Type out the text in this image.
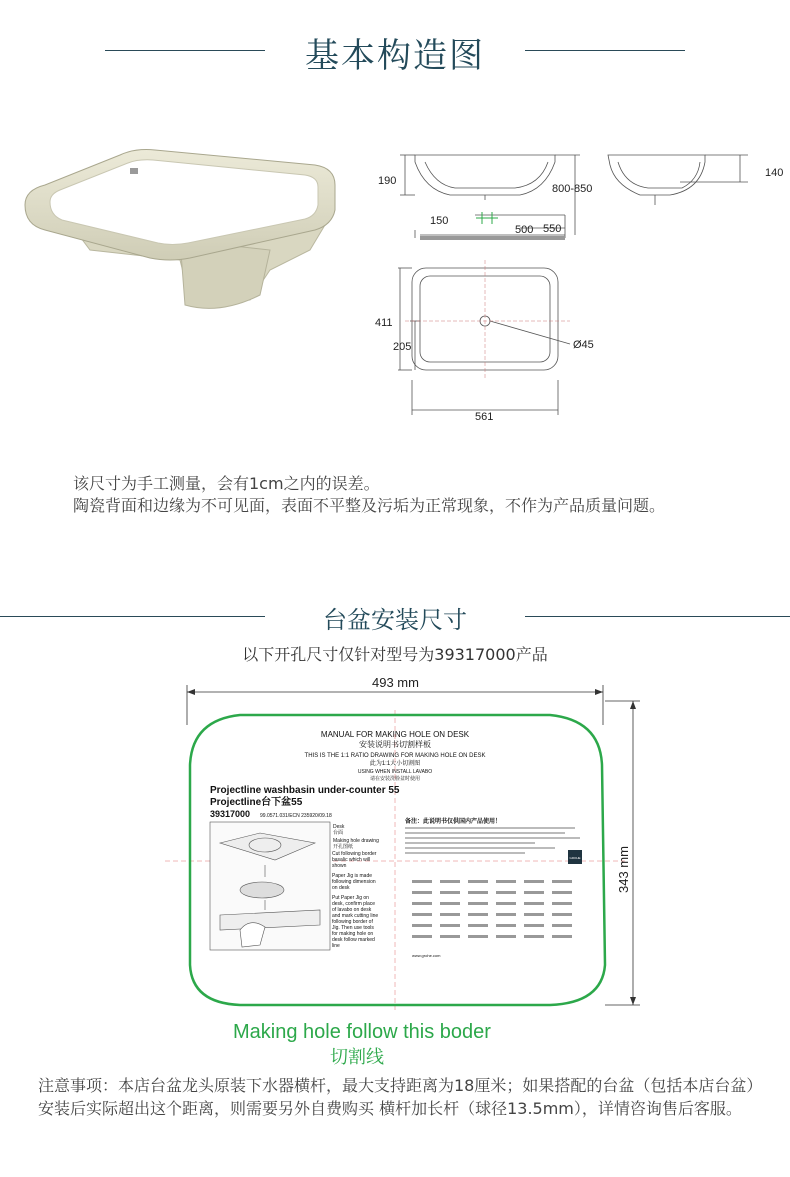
基本构造图
190
800-850
140
150
500 550
411
205	Ø45
561
该尺寸为手工测量，会有1cm之内的误差。
陶瓷背面和边缘为不可见面，表面不平整及污垢为正常现象，不作为产品质量问题。
台盆安装尺寸
以下开孔尺寸仅针对型号为39317000产品
493 mm
343 mm
MANUAL FOR MAKING HOLE ON DESK
安装说明书切割样板
THIS IS THE 1:1 RATIO DRAWING FOR MAKING HOLE ON DESK
此为1:1大小切割图
USING WHEN INSTALL LAVABO
请在安装洗脸盆时使用
Projectline washbasin under-counter 55
Projectline台下盆55
39317000 99.0571.031/ECN 235920/09.18
Desk
台面
Making hole drawing
开孔图纸
Cut following border basalic which will shown
Paper Jig is made following dimension on desk
Put Paper Jig on desk, confirm place of lavabo on desk and mark cutting line following border of Jig. Then use tools for making hole on desk follow marked line
备注：此说明书仅供国内产品使用！
GROHE
www.grohe.com
Making hole follow this boder
切割线
注意事项：本店台盆龙头原装下水器横杆，最大支持距离为18厘米；如果搭配的台盆（包括本店台盆）安装后实际超出这个距离，则需要另外自费购买 横杆加长杆（球径13.5mm），详情咨询售后客服。
